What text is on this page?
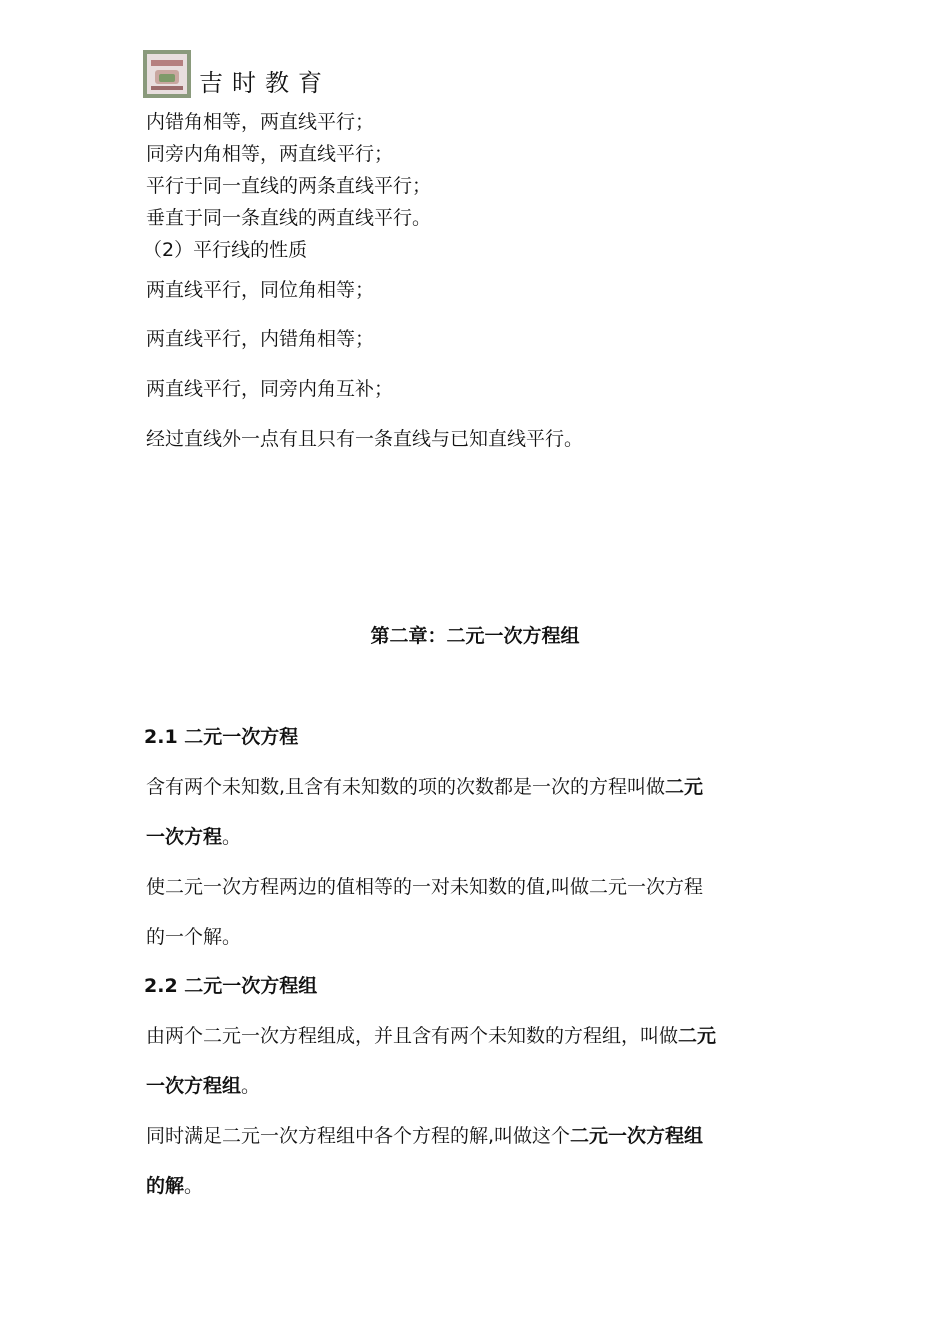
吉时教育
内错角相等，两直线平行；
同旁内角相等，两直线平行；
平行于同一直线的两条直线平行；
垂直于同一条直线的两直线平行。
（2）平行线的性质
两直线平行，同位角相等；
两直线平行，内错角相等；
两直线平行，同旁内角互补；
经过直线外一点有且只有一条直线与已知直线平行。
第二章：二元一次方程组
2.1 二元一次方程
含有两个未知数,且含有未知数的项的次数都是一次的方程叫做二元
一次方程。
使二元一次方程两边的值相等的一对未知数的值,叫做二元一次方程
的一个解。
2.2 二元一次方程组
由两个二元一次方程组成，并且含有两个未知数的方程组，叫做二元
一次方程组。
同时满足二元一次方程组中各个方程的解,叫做这个二元一次方程组
的解。
